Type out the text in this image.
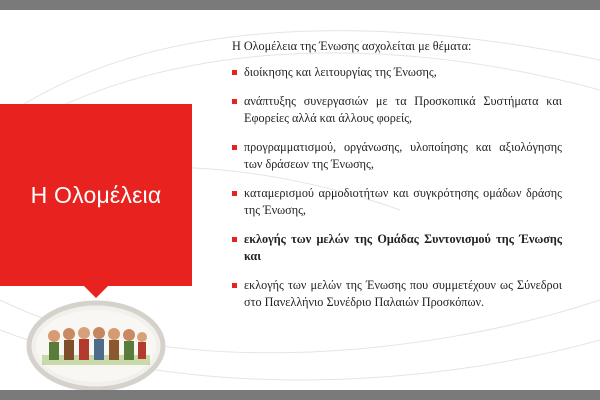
Η Ολομέλεια

Η Ολομέλεια της Ένωσης ασχολείται με θέματα:

διοίκησης και λειτουργίας της Ένωσης,
ανάπτυξης συνεργασιών με τα Προσκοπικά Συστήματα και Εφορείες αλλά και άλλους φορείς,
προγραμματισμού, οργάνωσης, υλοποίησης και αξιολόγησης των δράσεων της Ένωσης,
καταμερισμού αρμοδιοτήτων και συγκρότησης ομάδων δράσης της Ένωσης,
εκλογής των μελών της Ομάδας Συντονισμού της Ένωσης και
εκλογής των μελών της Ένωσης που συμμετέχουν ως Σύνεδροι στο Πανελλήνιο Συνέδριο Παλαιών Προσκόπων.
